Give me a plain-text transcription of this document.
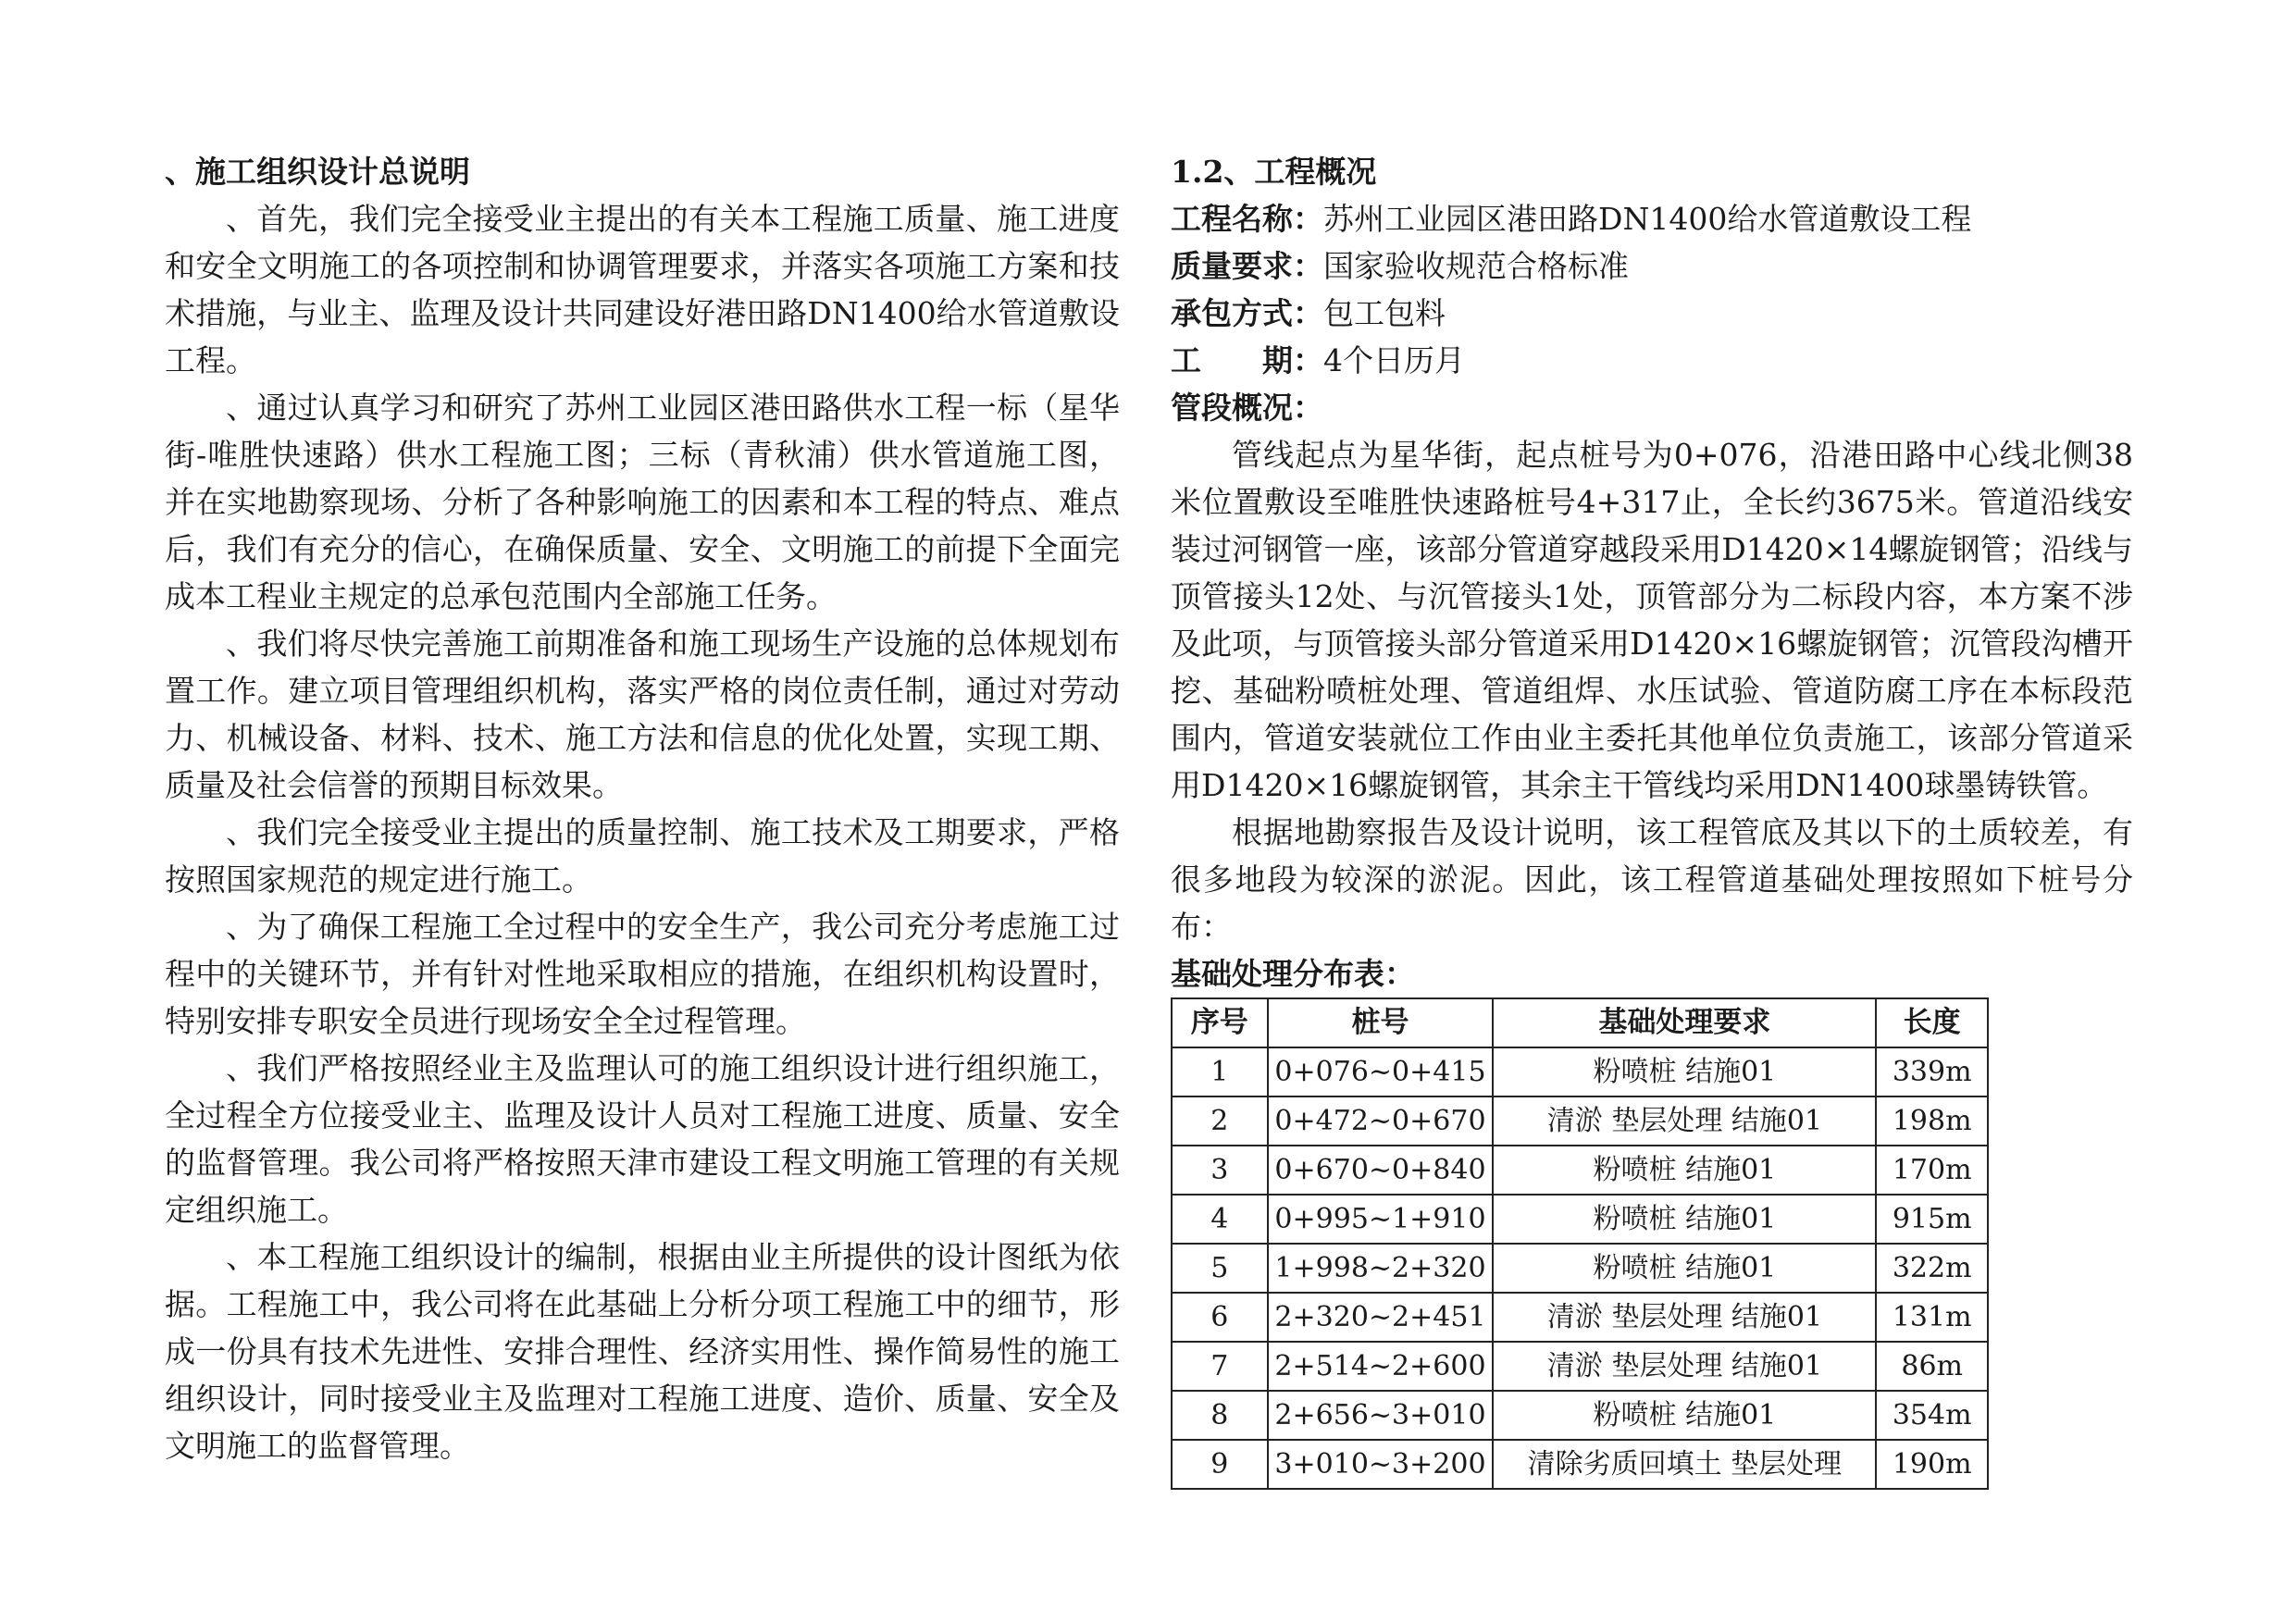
、施工组织设计总说明

、首先，我们完全接受业主提出的有关本工程施工质量、施工进度和安全文明施工的各项控制和协调管理要求，并落实各项施工方案和技术措施，与业主、监理及设计共同建设好港田路DN1400给水管道敷设工程。

、通过认真学习和研究了苏州工业园区港田路供水工程一标（星华街-唯胜快速路）供水工程施工图；三标（青秋浦）供水管道施工图，并在实地勘察现场、分析了各种影响施工的因素和本工程的特点、难点后，我们有充分的信心，在确保质量、安全、文明施工的前提下全面完成本工程业主规定的总承包范围内全部施工任务。

、我们将尽快完善施工前期准备和施工现场生产设施的总体规划布置工作。建立项目管理组织机构，落实严格的岗位责任制，通过对劳动力、机械设备、材料、技术、施工方法和信息的优化处置，实现工期、质量及社会信誉的预期目标效果。

、我们完全接受业主提出的质量控制、施工技术及工期要求，严格按照国家规范的规定进行施工。

、为了确保工程施工全过程中的安全生产，我公司充分考虑施工过程中的关键环节，并有针对性地采取相应的措施，在组织机构设置时，特别安排专职安全员进行现场安全全过程管理。

、我们严格按照经业主及监理认可的施工组织设计进行组织施工，全过程全方位接受业主、监理及设计人员对工程施工进度、质量、安全的监督管理。我公司将严格按照天津市建设工程文明施工管理的有关规定组织施工。

、本工程施工组织设计的编制，根据由业主所提供的设计图纸为依据。工程施工中，我公司将在此基础上分析分项工程施工中的细节，形成一份具有技术先进性、安排合理性、经济实用性、操作简易性的施工组织设计，同时接受业主及监理对工程施工进度、造价、质量、安全及文明施工的监督管理。

1.2、工程概况

工程名称：苏州工业园区港田路DN1400给水管道敷设工程

质量要求：国家验收规范合格标准

承包方式：包工包料

工　　期：4个日历月

管段概况：

管线起点为星华街，起点桩号为0+076，沿港田路中心线北侧38米位置敷设至唯胜快速路桩号4+317止，全长约3675米。管道沿线安装过河钢管一座，该部分管道穿越段采用D1420×14螺旋钢管；沿线与顶管接头12处、与沉管接头1处，顶管部分为二标段内容，本方案不涉及此项，与顶管接头部分管道采用D1420×16螺旋钢管；沉管段沟槽开挖、基础粉喷桩处理、管道组焊、水压试验、管道防腐工序在本标段范围内，管道安装就位工作由业主委托其他单位负责施工，该部分管道采用D1420×16螺旋钢管，其余主干管线均采用DN1400球墨铸铁管。

根据地勘察报告及设计说明，该工程管底及其以下的土质较差，有很多地段为较深的淤泥。因此，该工程管道基础处理按照如下桩号分布：

基础处理分布表：

序号	桩号	基础处理要求	长度
1	0+076~0+415	粉喷桩 结施01	339m
2	0+472~0+670	清淤 垫层处理 结施01	198m
3	0+670~0+840	粉喷桩 结施01	170m
4	0+995~1+910	粉喷桩 结施01	915m
5	1+998~2+320	粉喷桩 结施01	322m
6	2+320~2+451	清淤 垫层处理 结施01	131m
7	2+514~2+600	清淤 垫层处理 结施01	86m
8	2+656~3+010	粉喷桩 结施01	354m
9	3+010~3+200	清除劣质回填土 垫层处理	190m
